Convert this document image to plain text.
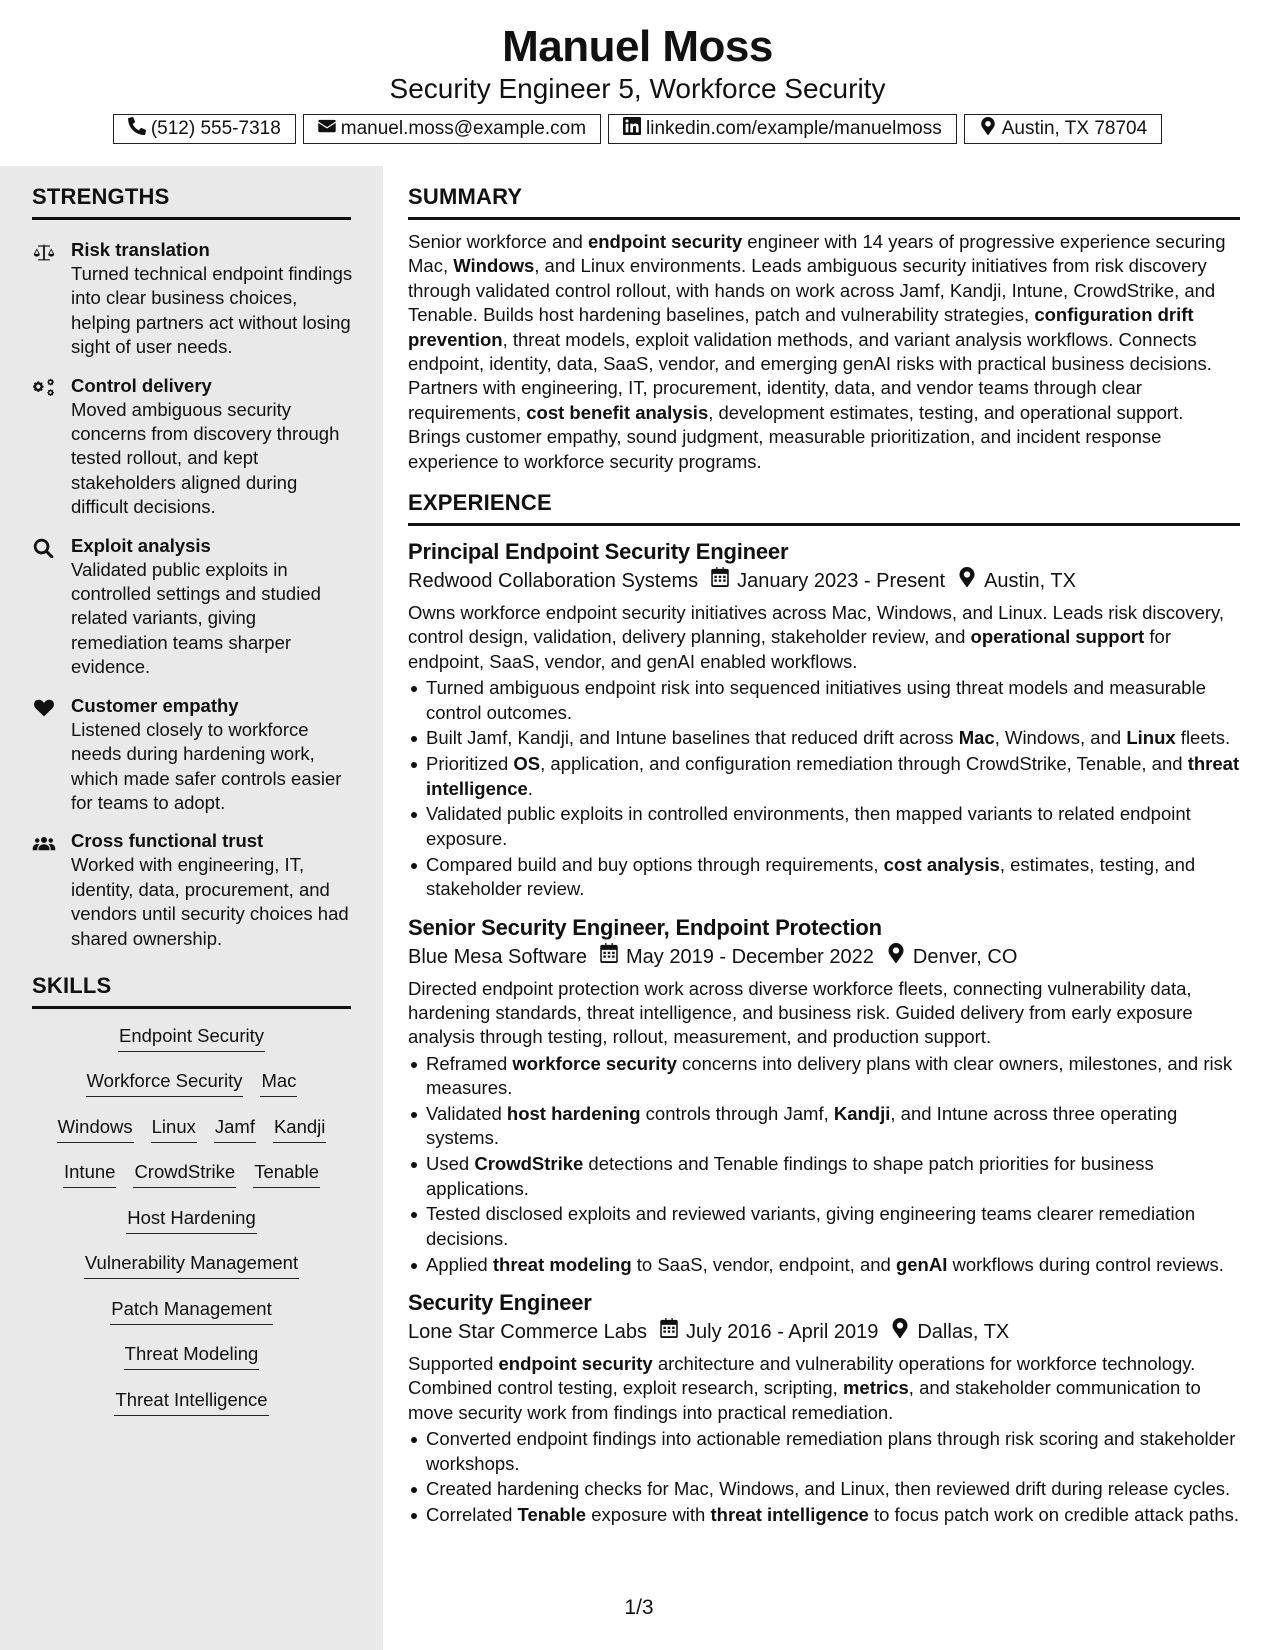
Manuel Moss
Security Engineer 5, Workforce Security
(512) 555-7318	manuel.moss@example.com	linkedin.com/example/manuelmoss	Austin, TX 78704
STRENGTHS
Risk translation
Turned technical endpoint findings into clear business choices, helping partners act without losing sight of user needs.
Control delivery
Moved ambiguous security concerns from discovery through tested rollout, and kept stakeholders aligned during difficult decisions.
Exploit analysis
Validated public exploits in controlled settings and studied related variants, giving remediation teams sharper evidence.
Customer empathy
Listened closely to workforce needs during hardening work, which made safer controls easier for teams to adopt.
Cross functional trust
Worked with engineering, IT, identity, data, procurement, and vendors until security choices had shared ownership.
SKILLS
Endpoint Security
Workforce Security Mac
Windows Linux Jamf Kandji
Intune CrowdStrike Tenable
Host Hardening
Vulnerability Management
Patch Management
Threat Modeling
Threat Intelligence
SUMMARY
Senior workforce and endpoint security engineer with 14 years of progressive experience securing Mac, Windows, and Linux environments. Leads ambiguous security initiatives from risk discovery through validated control rollout, with hands on work across Jamf, Kandji, Intune, CrowdStrike, and Tenable. Builds host hardening baselines, patch and vulnerability strategies, configuration drift prevention, threat models, exploit validation methods, and variant analysis workflows. Connects endpoint, identity, data, SaaS, vendor, and emerging genAI risks with practical business decisions. Partners with engineering, IT, procurement, identity, data, and vendor teams through clear requirements, cost benefit analysis, development estimates, testing, and operational support. Brings customer empathy, sound judgment, measurable prioritization, and incident response experience to workforce security programs.
EXPERIENCE
Principal Endpoint Security Engineer
Redwood Collaboration Systems January 2023 - Present Austin, TX
Owns workforce endpoint security initiatives across Mac, Windows, and Linux. Leads risk discovery, control design, validation, delivery planning, stakeholder review, and operational support for endpoint, SaaS, vendor, and genAI enabled workflows.
Turned ambiguous endpoint risk into sequenced initiatives using threat models and measurable control outcomes.
Built Jamf, Kandji, and Intune baselines that reduced drift across Mac, Windows, and Linux fleets.
Prioritized OS, application, and configuration remediation through CrowdStrike, Tenable, and threat intelligence.
Validated public exploits in controlled environments, then mapped variants to related endpoint exposure.
Compared build and buy options through requirements, cost analysis, estimates, testing, and stakeholder review.
Senior Security Engineer, Endpoint Protection
Blue Mesa Software May 2019 - December 2022 Denver, CO
Directed endpoint protection work across diverse workforce fleets, connecting vulnerability data, hardening standards, threat intelligence, and business risk. Guided delivery from early exposure analysis through testing, rollout, measurement, and production support.
Reframed workforce security concerns into delivery plans with clear owners, milestones, and risk measures.
Validated host hardening controls through Jamf, Kandji, and Intune across three operating systems.
Used CrowdStrike detections and Tenable findings to shape patch priorities for business applications.
Tested disclosed exploits and reviewed variants, giving engineering teams clearer remediation decisions.
Applied threat modeling to SaaS, vendor, endpoint, and genAI workflows during control reviews.
Security Engineer
Lone Star Commerce Labs July 2016 - April 2019 Dallas, TX
Supported endpoint security architecture and vulnerability operations for workforce technology. Combined control testing, exploit research, scripting, metrics, and stakeholder communication to move security work from findings into practical remediation.
Converted endpoint findings into actionable remediation plans through risk scoring and stakeholder workshops.
Created hardening checks for Mac, Windows, and Linux, then reviewed drift during release cycles.
Correlated Tenable exposure with threat intelligence to focus patch work on credible attack paths.
1/3
